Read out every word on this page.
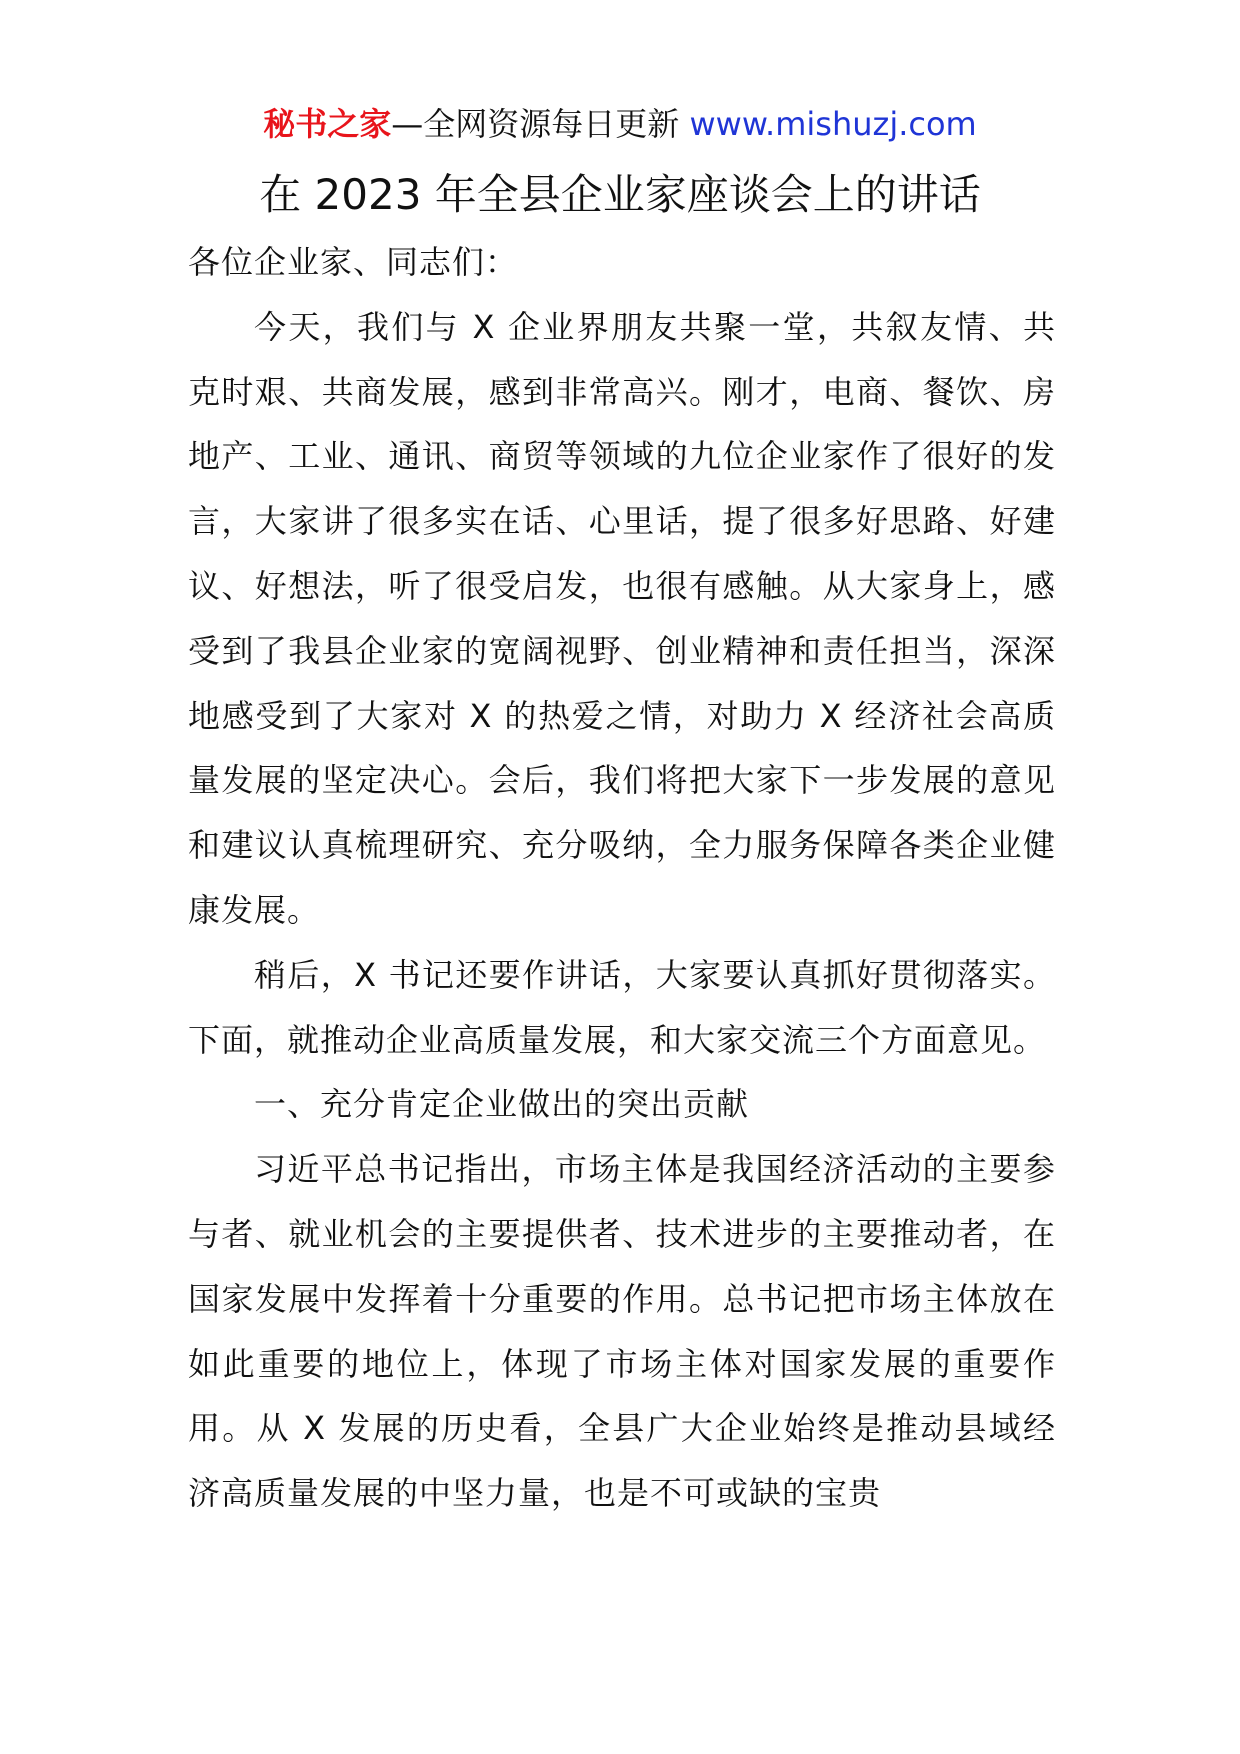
秘书之家—全网资源每日更新 www.mishuzj.com
在 2023 年全县企业家座谈会上的讲话

各位企业家、同志们：

今天，我们与 X 企业界朋友共聚一堂，共叙友情、共克时艰、共商发展，感到非常高兴。刚才，电商、餐饮、房地产、工业、通讯、商贸等领域的九位企业家作了很好的发言，大家讲了很多实在话、心里话，提了很多好思路、好建议、好想法，听了很受启发，也很有感触。从大家身上，感受到了我县企业家的宽阔视野、创业精神和责任担当，深深地感受到了大家对 X 的热爱之情，对助力 X 经济社会高质量发展的坚定决心。会后，我们将把大家下一步发展的意见和建议认真梳理研究、充分吸纳，全力服务保障各类企业健康发展。

稍后，X 书记还要作讲话，大家要认真抓好贯彻落实。下面，就推动企业高质量发展，和大家交流三个方面意见。

一、充分肯定企业做出的突出贡献

习近平总书记指出，市场主体是我国经济活动的主要参与者、就业机会的主要提供者、技术进步的主要推动者，在国家发展中发挥着十分重要的作用。总书记把市场主体放在如此重要的地位上，体现了市场主体对国家发展的重要作用。从 X 发展的历史看，全县广大企业始终是推动县域经济高质量发展的中坚力量，也是不可或缺的宝贵
